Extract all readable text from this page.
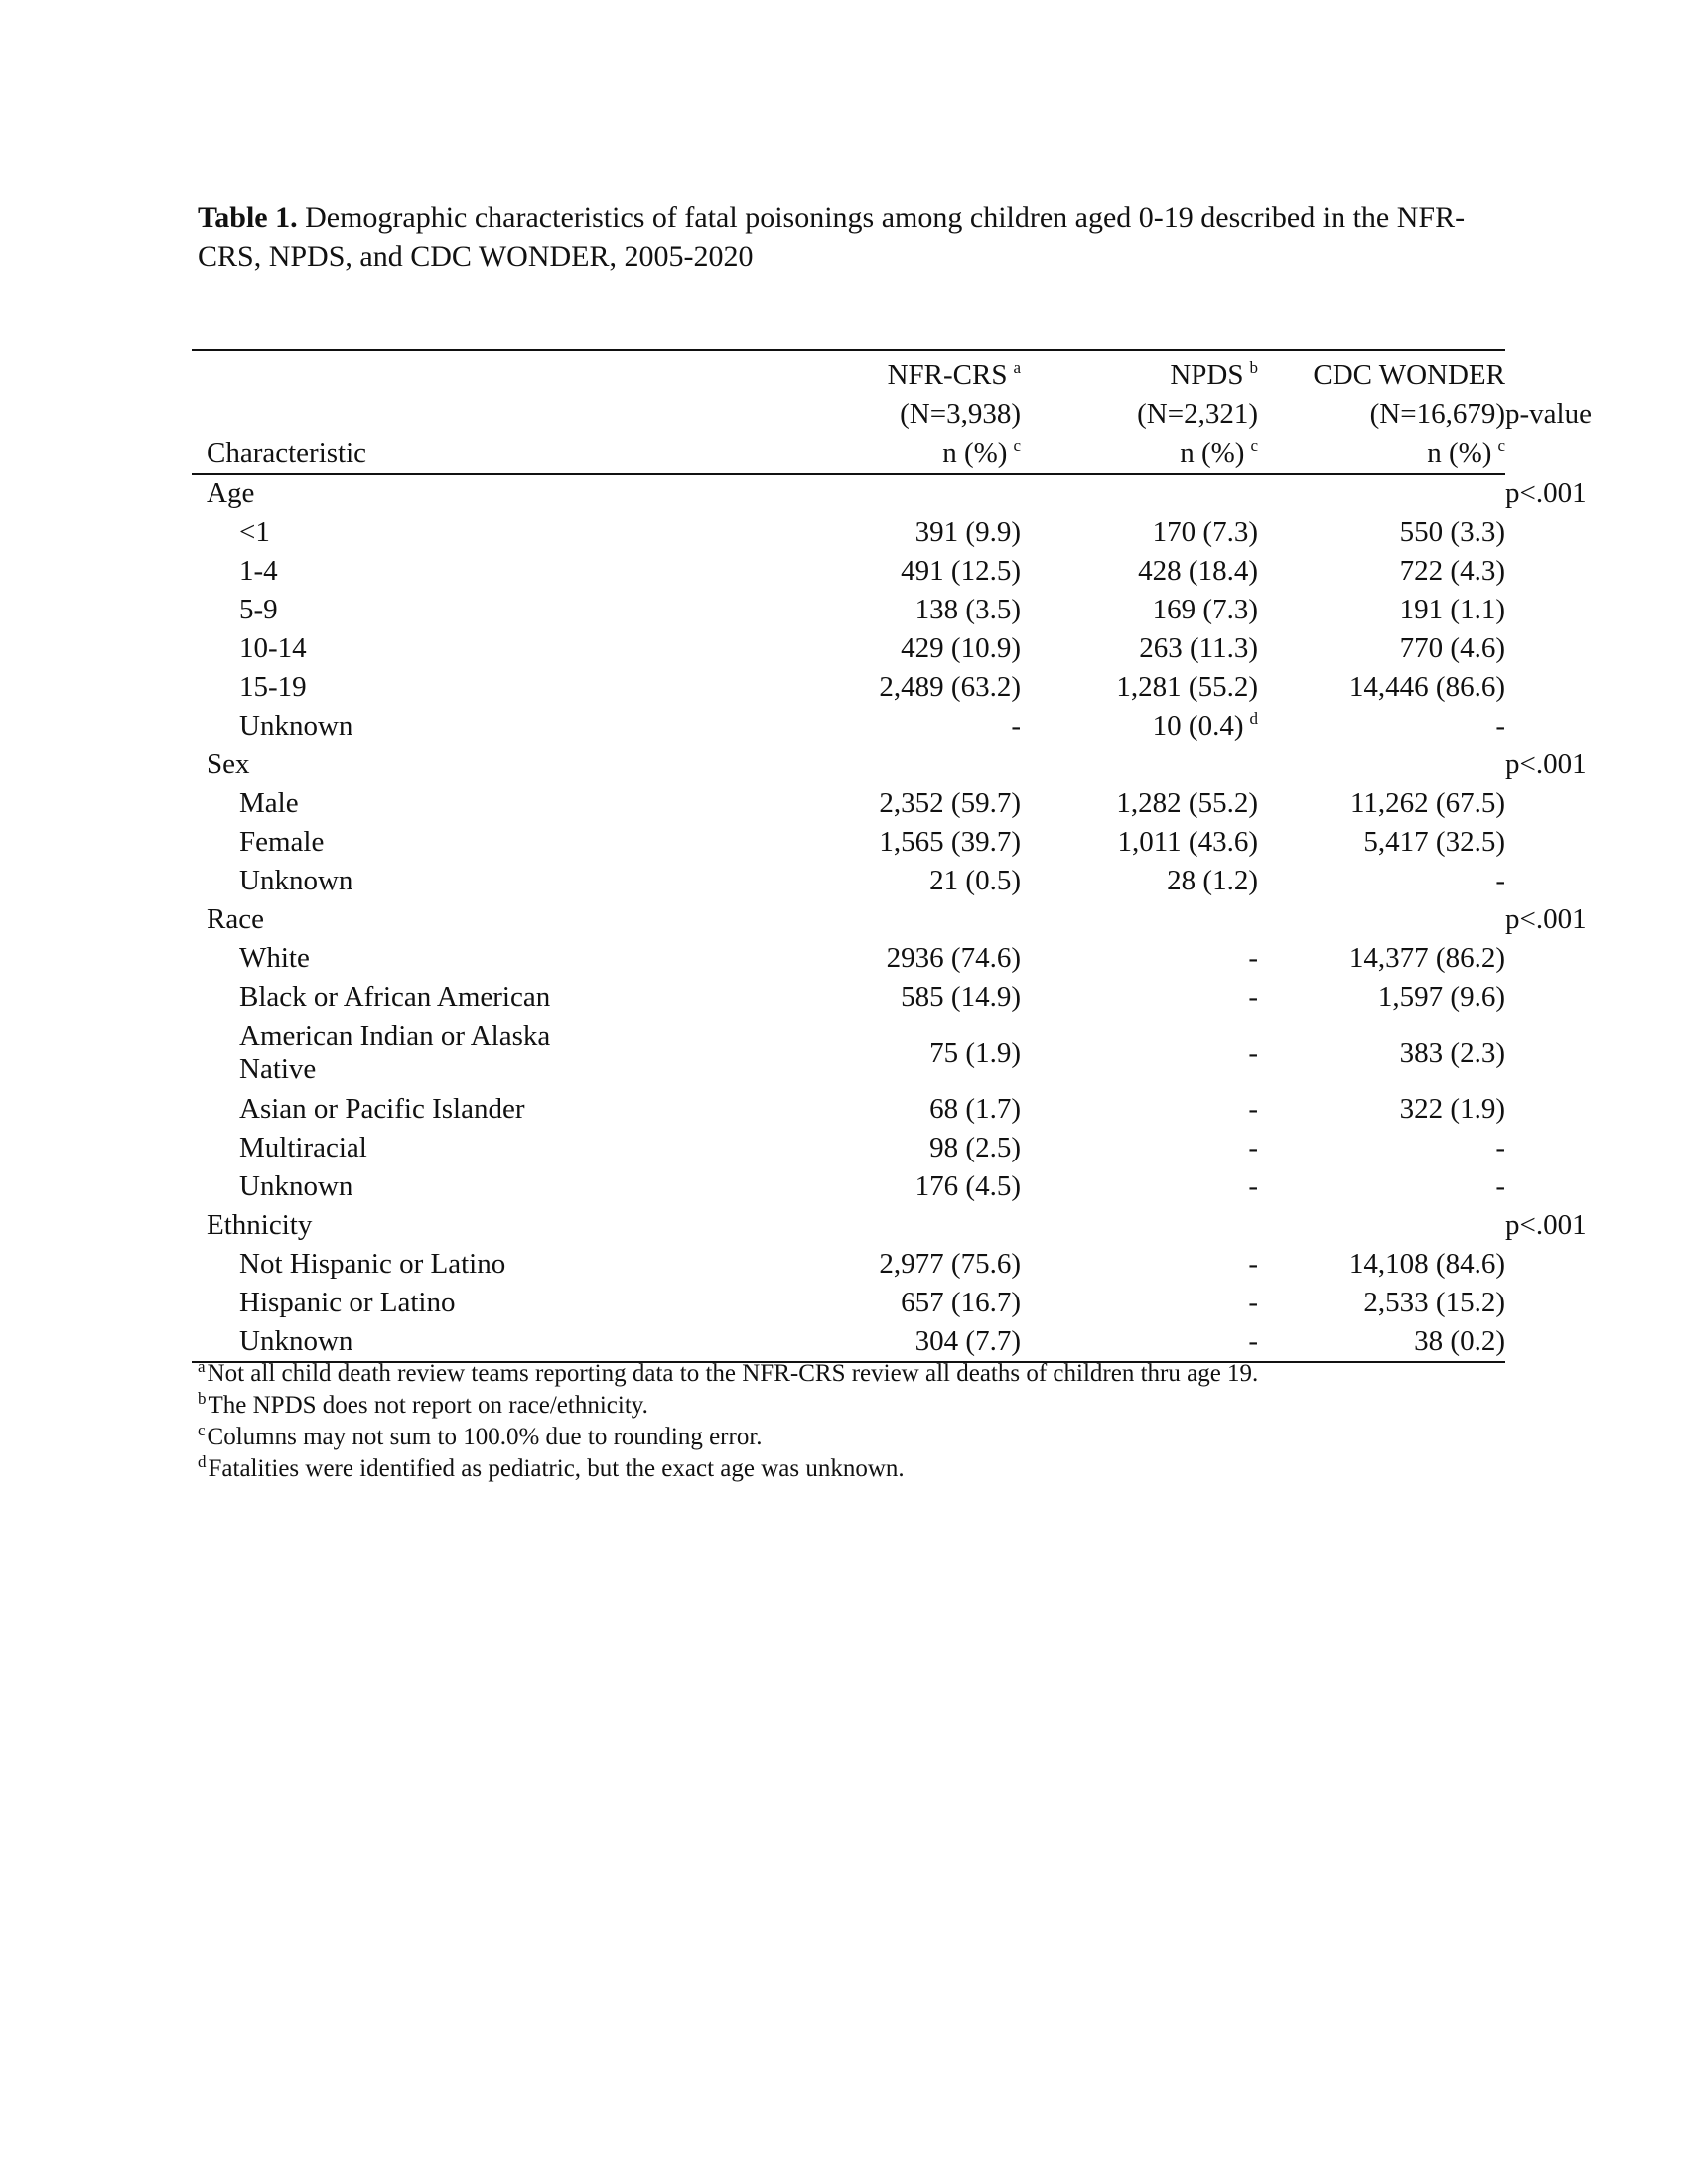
Table 1. Demographic characteristics of fatal poisonings among children aged 0-19 described in the NFR-CRS, NPDS, and CDC WONDER, 2005-2020
	NFR-CRS $^a$	NPDS $^b$	CDC WONDER	
	(N=3,938)	(N=2,321)	(N=16,679)	p-value
Characteristic	n (%) $^c$	n (%) $^c$	n (%) $^c$	
Age				p<.001
<1	391 (9.9)	170 (7.3)	550 (3.3)	
1-4	491 (12.5)	428 (18.4)	722 (4.3)	
5-9	138 (3.5)	169 (7.3)	191 (1.1)	
10-14	429 (10.9)	263 (11.3)	770 (4.6)	
15-19	2,489 (63.2)	1,281 (55.2)	14,446 (86.6)	
Unknown	-	10 (0.4) $^d$	-	
Sex				p<.001
Male	2,352 (59.7)	1,282 (55.2)	11,262 (67.5)	
Female	1,565 (39.7)	1,011 (43.6)	5,417 (32.5)	
Unknown	21 (0.5)	28 (1.2)	-	
Race				p<.001
White	2936 (74.6)	-	14,377 (86.2)	
Black or African American	585 (14.9)	-	1,597 (9.6)	
American Indian or Alaska Native	75 (1.9)	-	383 (2.3)	
Asian or Pacific Islander	68 (1.7)	-	322 (1.9)	
Multiracial	98 (2.5)	-	-	
Unknown	176 (4.5)	-	-	
Ethnicity				p<.001
Not Hispanic or Latino	2,977 (75.6)	-	14,108 (84.6)	
Hispanic or Latino	657 (16.7)	-	2,533 (15.2)	
Unknown	304 (7.7)	-	38 (0.2)	
$^a$Not all child death review teams reporting data to the NFR-CRS review all deaths of children thru age 19.
$^b$The NPDS does not report on race/ethnicity.
$^c$Columns may not sum to 100.0% due to rounding error.
$^d$Fatalities were identified as pediatric, but the exact age was unknown.
